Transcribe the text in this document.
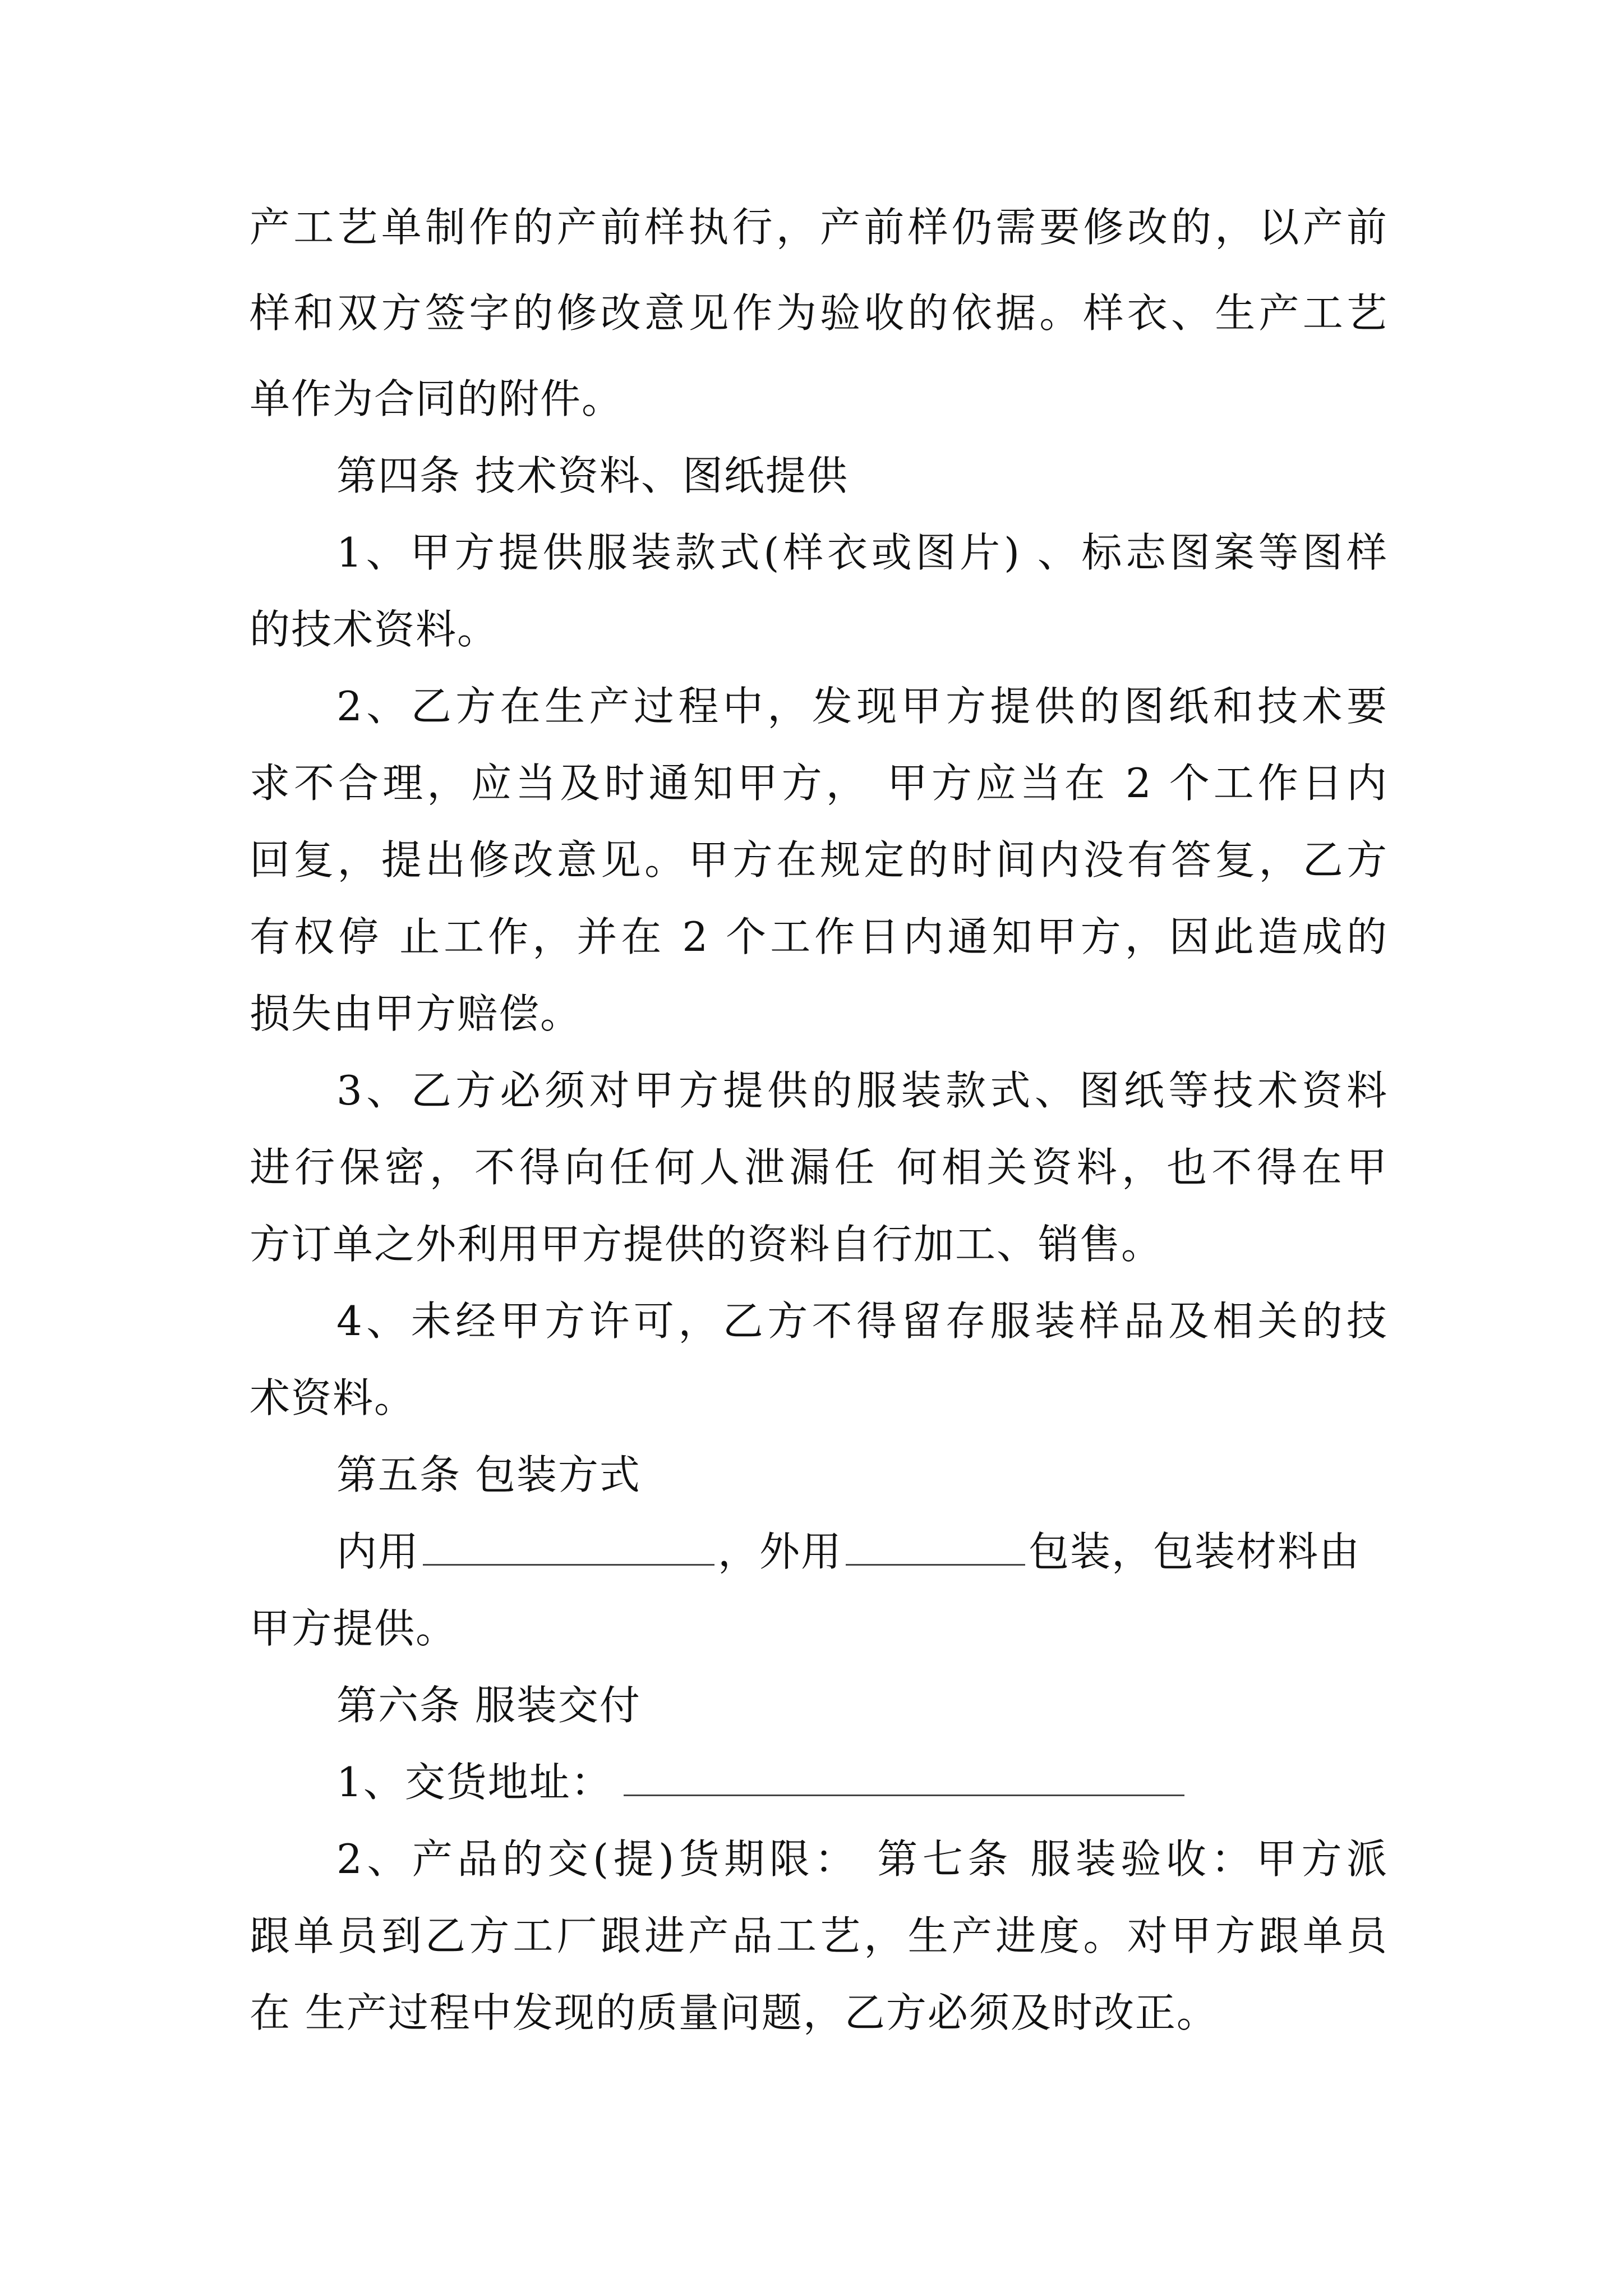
产工艺单制作的产前样执行，产前样仍需要修改的，以产前
样和双方签字的修改意见作为验收的依据。样衣、生产工艺
单作为合同的附件。
第四条 技术资料、图纸提供
1、甲方提供服装款式(样衣或图片) 、标志图案等图样
的技术资料。
2、乙方在生产过程中，发现甲方提供的图纸和技术要
求不合理，应当及时通知甲方， 甲方应当在 2 个工作日内
回复，提出修改意见。甲方在规定的时间内没有答复，乙方
有权停 止工作，并在 2 个工作日内通知甲方，因此造成的
损失由甲方赔偿。
3、乙方必须对甲方提供的服装款式、图纸等技术资料
进行保密，不得向任何人泄漏任 何相关资料，也不得在甲
方订单之外利用甲方提供的资料自行加工、销售。
4、未经甲方许可，乙方不得留存服装样品及相关的技
术资料。
第五条 包装方式
内用	，外用	包装，包装材料由
甲方提供。
第六条 服装交付
1、交货地址：
2、产品的交(提)货期限： 第七条 服装验收：甲方派
跟单员到乙方工厂跟进产品工艺，生产进度。对甲方跟单员
在 生产过程中发现的质量问题，乙方必须及时改正。
